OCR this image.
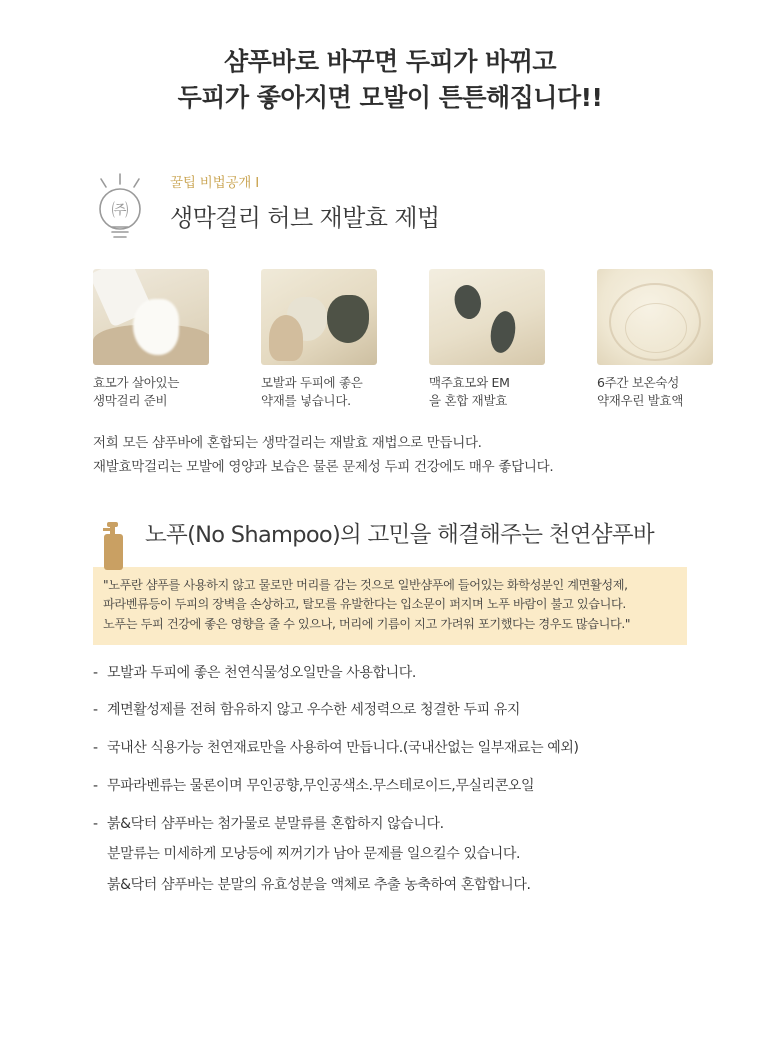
샴푸바로 바꾸면 두피가 바뀌고
두피가 좋아지면 모발이 튼튼해집니다!!
㈜
꿀팁 비법공개 I
생막걸리 허브 재발효 제법
효모가 살아있는
생막걸리 준비
모발과 두피에 좋은
약재를 넣습니다.
맥주효모와 EM
을 혼합 재발효
6주간 보온숙성
약재우린 발효액
저희 모든 샴푸바에 혼합되는 생막걸리는 재발효 재법으로 만듭니다.
재발효막걸리는 모발에 영양과 보습은 물론 문제성 두피 건강에도 매우 좋답니다.
노푸(No Shampoo)의 고민을 해결해주는 천연샴푸바
"노푸란 샴푸를 사용하지 않고 물로만 머리를 감는 것으로 일반샴푸에 들어있는 화학성분인 계면활성제,
파라벤류등이 두피의 장벽을 손상하고, 탈모를 유발한다는 입소문이 퍼지며 노푸 바람이 불고 있습니다.
노푸는 두피 건강에 좋은 영향을 줄 수 있으나, 머리에 기름이 지고 가려워 포기했다는 경우도 많습니다."
- 모발과 두피에 좋은 천연식물성오일만을 사용합니다.
- 계면활성제를 전혀 함유하지 않고 우수한 세정력으로 청결한 두피 유지
- 국내산 식용가능 천연재료만을 사용하여 만듭니다.(국내산없는 일부재료는 예외)
- 무파라벤류는 물론이며 무인공향,무인공색소.무스테로이드,무실리콘오일
- 붉&닥터 샴푸바는 첨가물로 분말류를 혼합하지 않습니다.
분말류는 미세하게 모낭등에 찌꺼기가 남아 문제를 일으킬수 있습니다.
붉&닥터 샴푸바는 분말의 유효성분을 액체로 추출 농축하여 혼합합니다.
